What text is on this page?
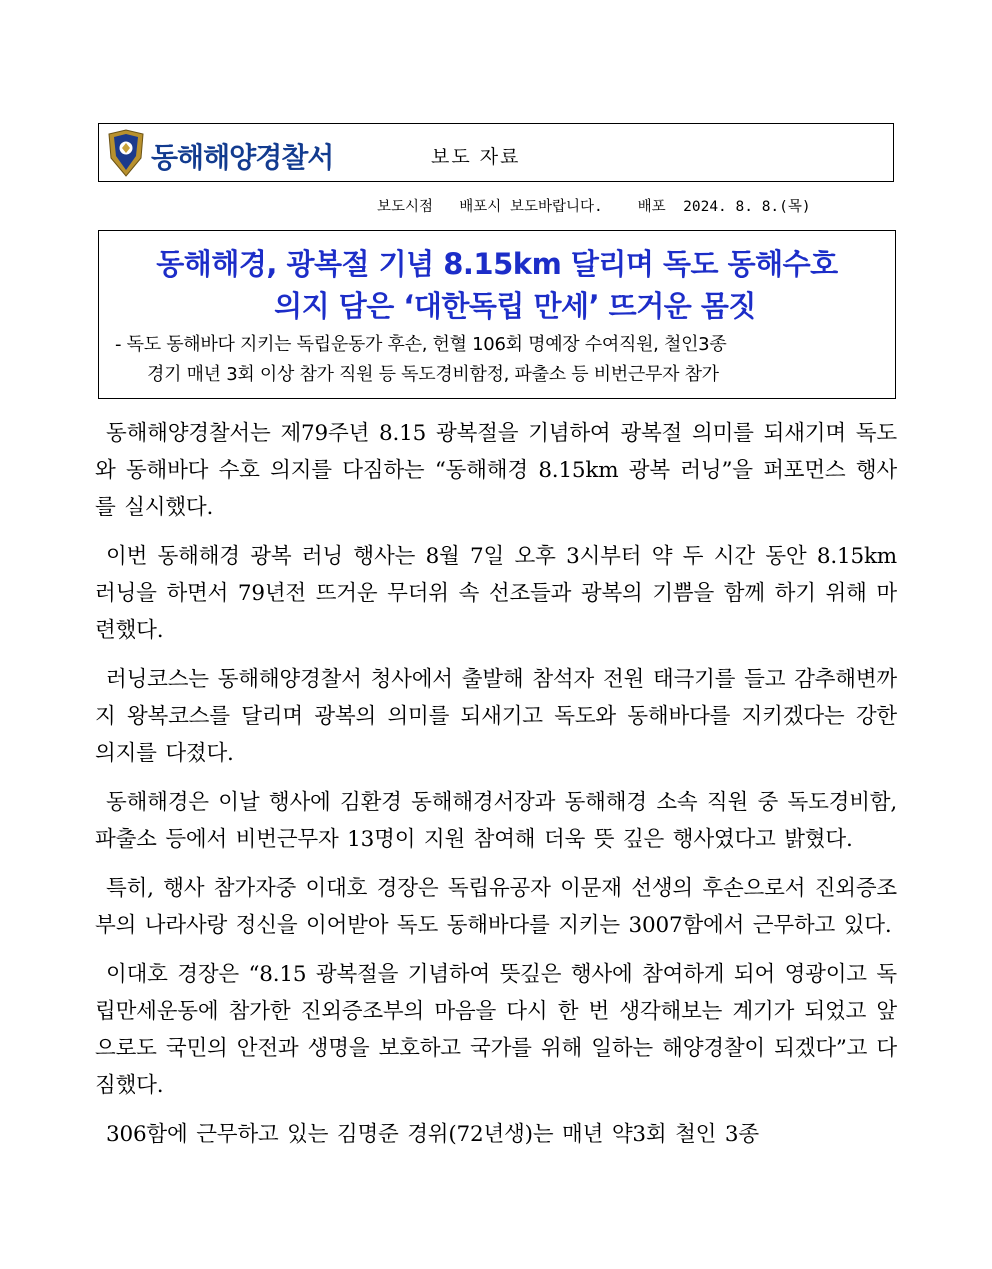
동해해양경찰서	보도 자료
보도시점   배포시 보도바랍니다.    배포  2024. 8. 8.(목)
동해해경, 광복절 기념 8.15km 달리며 독도 동해수호
의지 담은 ‘대한독립 만세’ 뜨거운 몸짓
- 독도 동해바다 지키는 독립운동가 후손, 헌혈 106회 명예장 수여직원, 철인3종
경기 매년 3회 이상 참가 직원 등 독도경비함정, 파출소 등 비번근무자 참가

동해해양경찰서는 제79주년 8.15 광복절을 기념하여 광복절 의미를 되새기며 독도와 동해바다 수호 의지를 다짐하는 “동해해경 8.15km 광복 러닝”을 퍼포먼스 행사를 실시했다.

이번 동해해경 광복 러닝 행사는 8월 7일 오후 3시부터 약 두 시간 동안 8.15km 러닝을 하면서 79년전 뜨거운 무더위 속 선조들과 광복의 기쁨을 함께 하기 위해 마련했다.

러닝코스는 동해해양경찰서 청사에서 출발해 참석자 전원 태극기를 들고 감추해변까지 왕복코스를 달리며 광복의 의미를 되새기고 독도와 동해바다를 지키겠다는 강한 의지를 다졌다.

동해해경은 이날 행사에 김환경 동해해경서장과 동해해경 소속 직원 중 독도경비함, 파출소 등에서 비번근무자 13명이 지원 참여해 더욱 뜻 깊은 행사였다고 밝혔다.

특히, 행사 참가자중 이대호 경장은 독립유공자 이문재 선생의 후손으로서 진외증조부의 나라사랑 정신을 이어받아 독도 동해바다를 지키는 3007함에서 근무하고 있다.

이대호 경장은 “8.15 광복절을 기념하여 뜻깊은 행사에 참여하게 되어 영광이고 독립만세운동에 참가한 진외증조부의 마음을 다시 한 번 생각해보는 계기가 되었고 앞으로도 국민의 안전과 생명을 보호하고 국가를 위해 일하는 해양경찰이 되겠다”고 다짐했다.

306함에 근무하고 있는 김명준 경위(72년생)는 매년 약3회 철인 3종
